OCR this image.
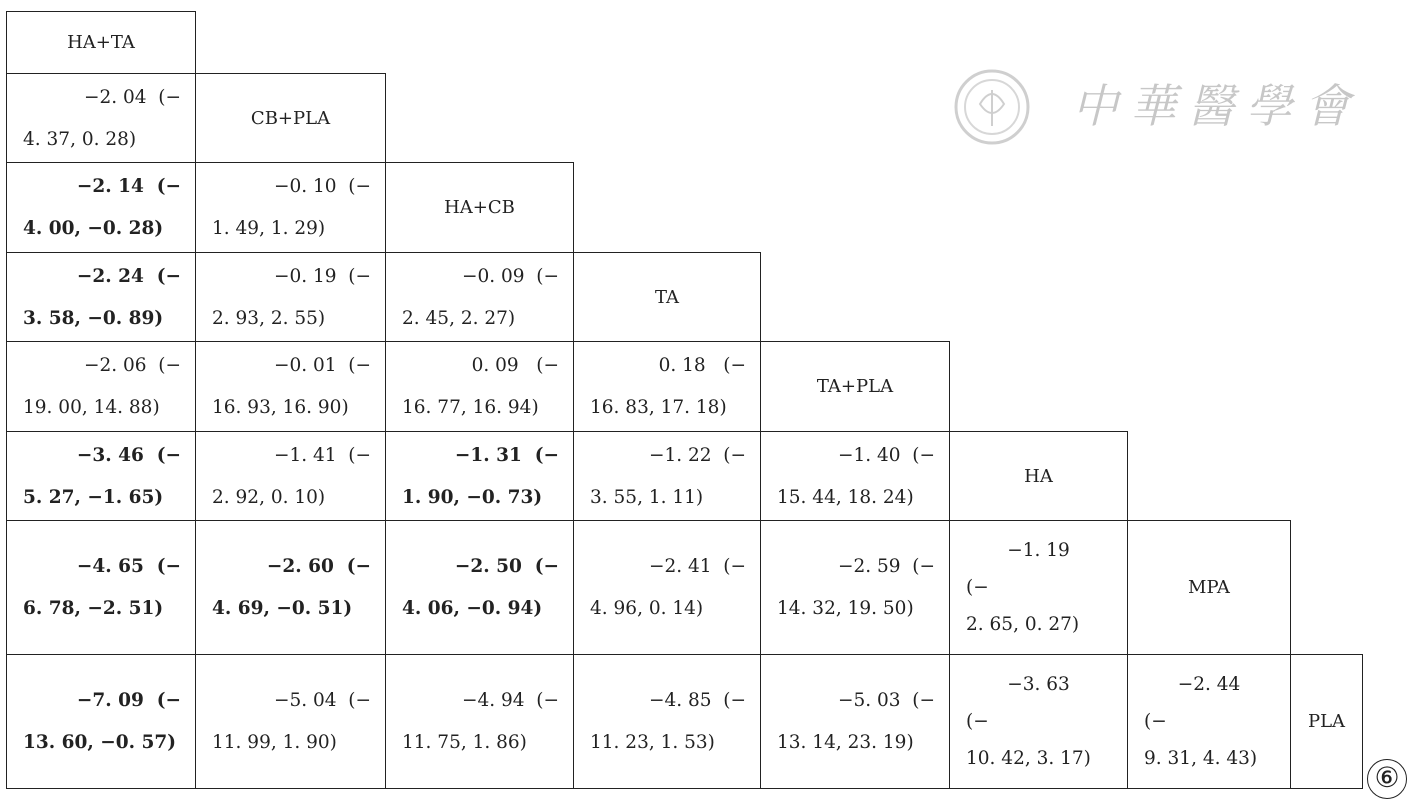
HA+TA
CB+PLA
HA+CB
TA
TA+PLA
HA
MPA
PLA
−2. 04  (−
4. 37, 0. 28)
−2. 14  (−
4. 00, −0. 28)
−0. 10  (−
1. 49, 1. 29)
−2. 24  (−
3. 58, −0. 89)
−0. 19  (−
2. 93, 2. 55)
−0. 09  (−
2. 45, 2. 27)
−2. 06  (−
19. 00, 14. 88)
−0. 01  (−
16. 93, 16. 90)
0. 09   (−
16. 77, 16. 94)
0. 18   (−
16. 83, 17. 18)
−3. 46  (−
5. 27, −1. 65)
−1. 41  (−
2. 92, 0. 10)
−1. 31  (−
1. 90, −0. 73)
−1. 22  (−
3. 55, 1. 11)
−1. 40  (−
15. 44, 18. 24)
−4. 65  (−
6. 78, −2. 51)
−2. 60  (−
4. 69, −0. 51)
−2. 50  (−
4. 06, −0. 94)
−2. 41  (−
4. 96, 0. 14)
−2. 59  (−
14. 32, 19. 50)
−1. 19
(−
2. 65, 0. 27)
−7. 09  (−
13. 60, −0. 57)
−5. 04  (−
11. 99, 1. 90)
−4. 94  (−
11. 75, 1. 86)
−4. 85  (−
11. 23, 1. 53)
−5. 03  (−
13. 14, 23. 19)
−3. 63
(−
10. 42, 3. 17)
−2. 44
(−
9. 31, 4. 43)
⑥
中華醫學會
